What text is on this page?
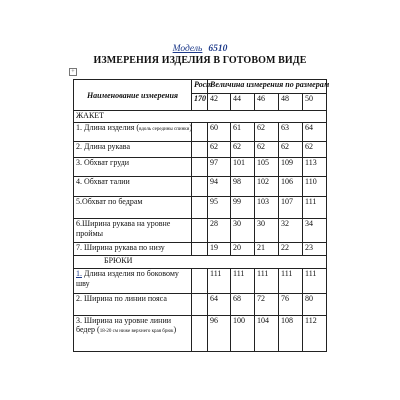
Модель 6510
ИЗМЕРЕНИЯ ИЗДЕЛИЯ В ГОТОВОМ ВИДЕ
+
Наименование измерения	Рост	Величина измерения по размерам				
	170	42	44	46	48	50
ЖАКЕТ						
1. Длина изделия (вдоль середины спинки)		60	61	62	63	64
2. Длина рукава		62	62	62	62	62
3. Обхват груди		97	101	105	109	113
4. Обхват талии		94	98	102	106	110
5.Обхват по бедрам		95	99	103	107	111
6.Ширина рукава на уровне проймы		28	30	30	32	34
7. Ширина рукава по низу		19	20	21	22	23
БРЮКИ						
1. Длина изделия по боковому шву		111	111	111	111	111
2. Ширина по линии пояса		64	68	72	76	80
3. Ширина на уровне линии бедер (18-20 см ниже верхнего края брюк)		96	100	104	108	112
